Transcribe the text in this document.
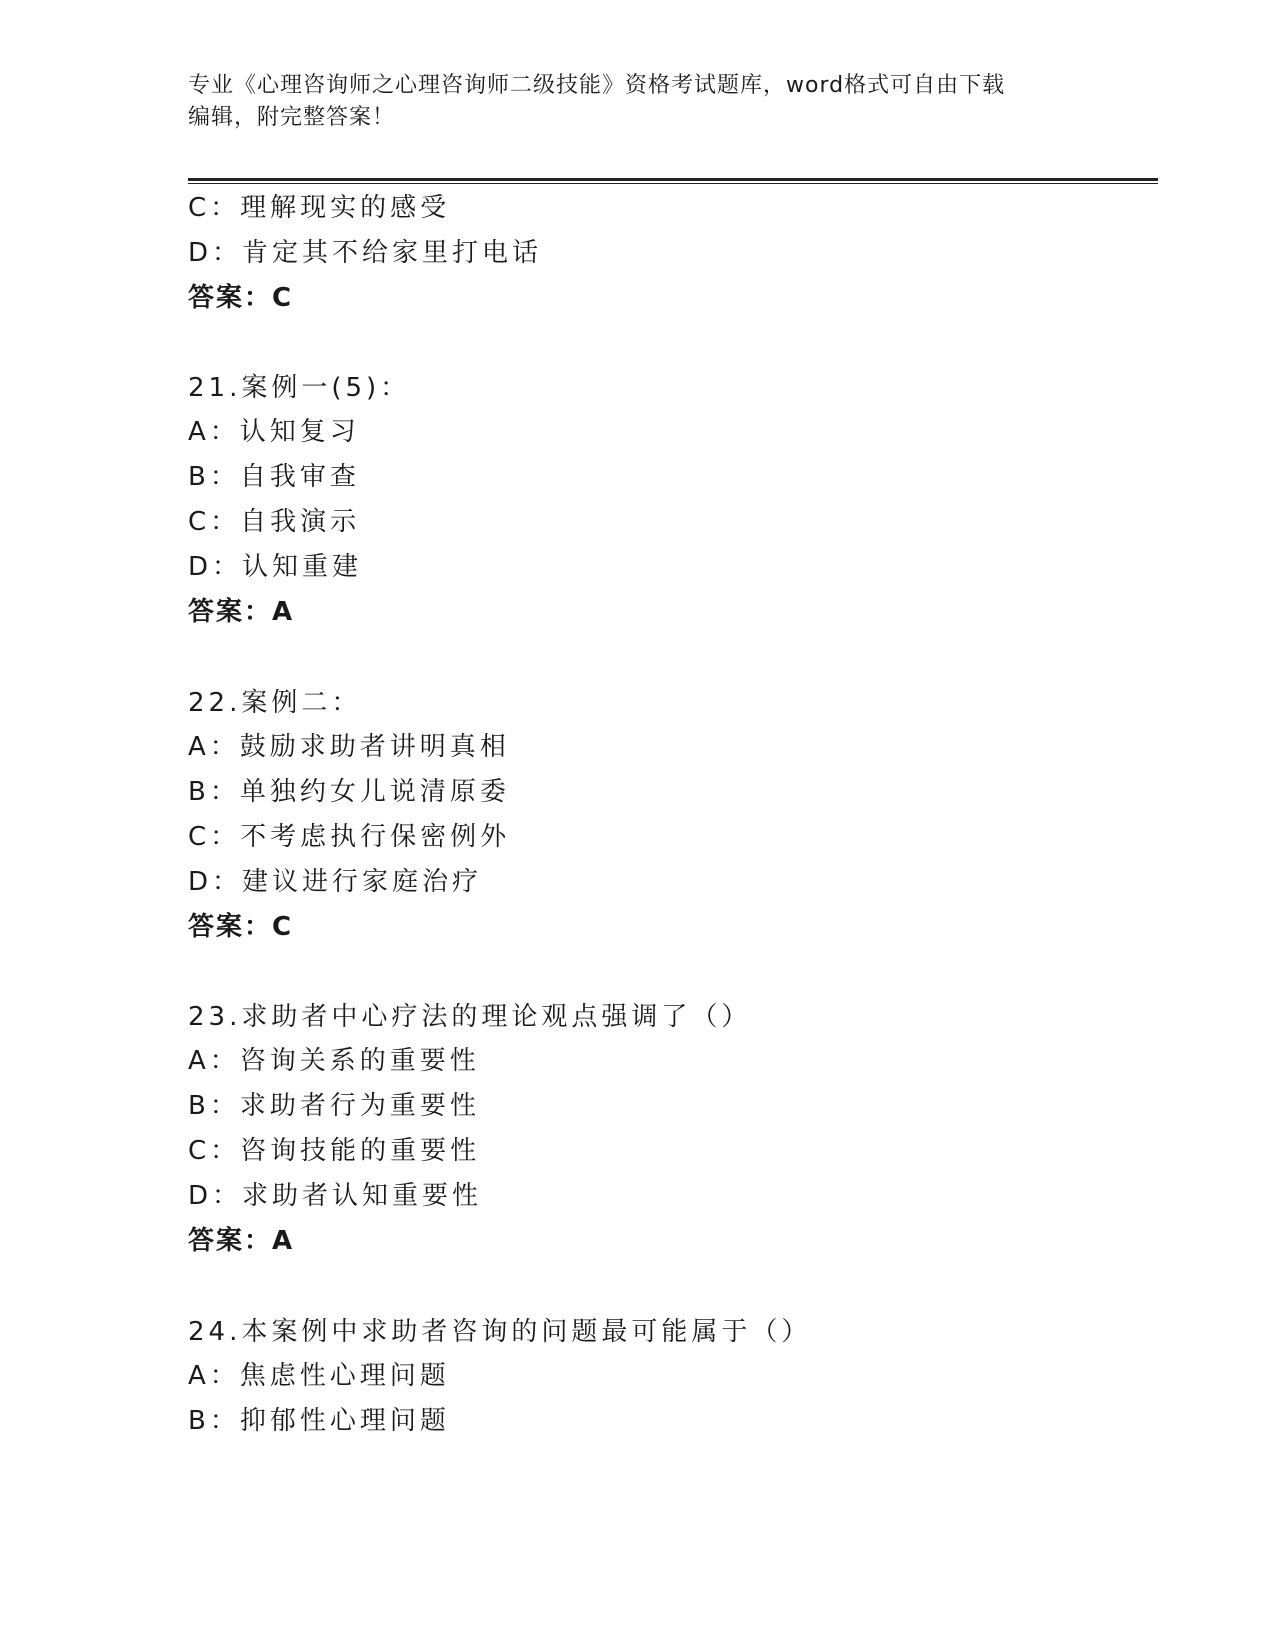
专业《心理咨询师之心理咨询师二级技能》资格考试题库，word格式可自由下载
编辑，附完整答案！
C：理解现实的感受
D：肯定其不给家里打电话
答案：C
21.案例一(5)：
A：认知复习
B：自我审查
C：自我演示
D：认知重建
答案：A
22.案例二：
A：鼓励求助者讲明真相
B：单独约女儿说清原委
C：不考虑执行保密例外
D：建议进行家庭治疗
答案：C
23.求助者中心疗法的理论观点强调了（）
A：咨询关系的重要性
B：求助者行为重要性
C：咨询技能的重要性
D：求助者认知重要性
答案：A
24.本案例中求助者咨询的问题最可能属于（）
A：焦虑性心理问题
B：抑郁性心理问题
